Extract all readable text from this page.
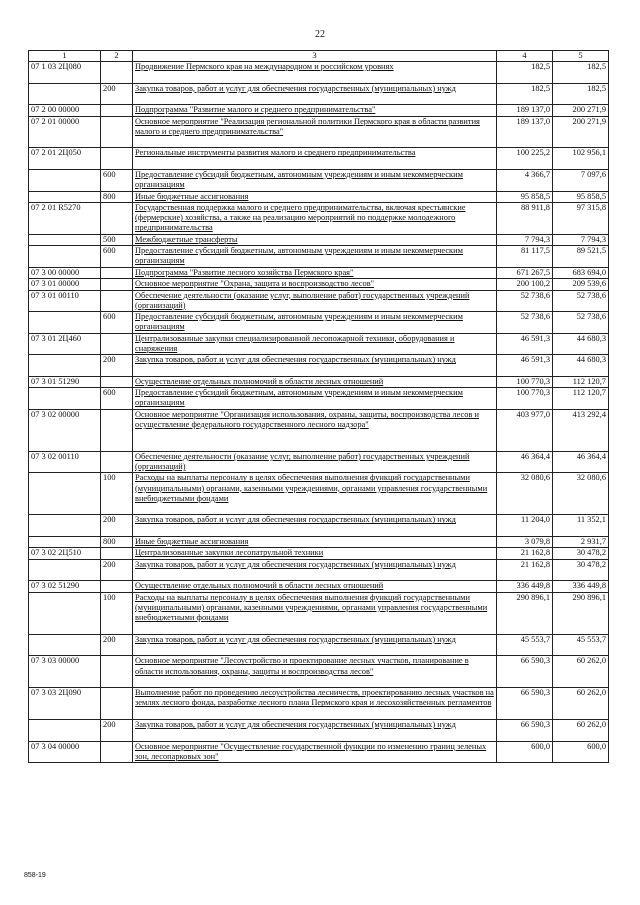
22
1	2	3	4	5
07 1 03 2Ц080		Продвижение Пермского края на международном и российском уровнях	182,5	182,5
	200	Закупка товаров, работ и услуг для обеспечения государственных (муниципальных) нужд	182,5	182,5
07 2 00 00000		Подпрограмма "Развитие малого и среднего предпринимательства"	189 137,0	200 271,9
07 2 01 00000		Основное мероприятие "Реализация региональной политики Пермского края в области развития малого и среднего предпринимательства"	189 137,0	200 271,9
07 2 01 2Ц050		Региональные инструменты развития малого и среднего предпринимательства	100 225,2	102 956,1
	600	Предоставление субсидий бюджетным, автономным учреждениям и иным некоммерческим организациям	4 366,7	7 097,6
	800	Иные бюджетные ассигнования	95 858,5	95 858,5
07 2 01 R5270		Государственная поддержка малого и среднего предпринимательства, включая крестьянские (фермерские) хозяйства, а также на реализацию мероприятий по поддержке молодежного предпринимательства	88 911,8	97 315,8
	500	Межбюджетные трансферты	7 794,3	7 794,3
	600	Предоставление субсидий бюджетным, автономным учреждениям и иным некоммерческим организациям	81 117,5	89 521,5
07 3 00 00000		Подпрограмма "Развитие лесного хозяйства Пермского края"	671 267,5	683 694,0
07 3 01 00000		Основное мероприятие "Охрана, защита и воспроизводство лесов"	200 100,2	209 539,6
07 3 01 00110		Обеспечение деятельности (оказание услуг, выполнение работ) государственных учреждений (организаций)	52 738,6	52 738,6
	600	Предоставление субсидий бюджетным, автономным учреждениям и иным некоммерческим организациям	52 738,6	52 738,6
07 3 01 2Ц460		Централизованные закупки специализированной лесопожарной техники, оборудования и снаряжения	46 591,3	44 680,3
	200	Закупка товаров, работ и услуг для обеспечения государственных (муниципальных) нужд	46 591,3	44 680,3
07 3 01 51290		Осуществление отдельных полномочий в области лесных отношений	100 770,3	112 120,7
	600	Предоставление субсидий бюджетным, автономным учреждениям и иным некоммерческим организациям	100 770,3	112 120,7
07 3 02 00000		Основное мероприятие "Организация использования, охраны, защиты, воспроизводства лесов и осуществление федерального государственного лесного надзора"	403 977,0	413 292,4
07 3 02 00110		Обеспечение деятельности (оказание услуг, выполнение работ) государственных учреждений (организаций)	46 364,4	46 364,4
	100	Расходы на выплаты персоналу в целях обеспечения выполнения функций государственными (муниципальными) органами, казенными учреждениями, органами управления государственными внебюджетными фондами	32 080,6	32 080,6
	200	Закупка товаров, работ и услуг для обеспечения государственных (муниципальных) нужд	11 204,0	11 352,1
	800	Иные бюджетные ассигнования	3 079,8	2 931,7
07 3 02 2Ц510		Централизованные закупки лесопатрульной техники	21 162,8	30 478,2
	200	Закупка товаров, работ и услуг для обеспечения государственных (муниципальных) нужд	21 162,8	30 478,2
07 3 02 51290		Осуществление отдельных полномочий в области лесных отношений	336 449,8	336 449,8
	100	Расходы на выплаты персоналу в целях обеспечения выполнения функций государственными (муниципальными) органами, казенными учреждениями, органами управления государственными внебюджетными фондами	290 896,1	290 896,1
	200	Закупка товаров, работ и услуг для обеспечения государственных (муниципальных) нужд	45 553,7	45 553,7
07 3 03 00000		Основное мероприятие "Лесоустройство и проектирование лесных участков, планирование в области использования, охраны, защиты и воспроизводства лесов"	66 590,3	60 262,0
07 3 03 2Ц090		Выполнение работ по проведению лесоустройства лесничеств, проектированию лесных участков на землях лесного фонда, разработке лесного плана Пермского края и лесохозяйственных регламентов	66 590,3	60 262,0
	200	Закупка товаров, работ и услуг для обеспечения государственных (муниципальных) нужд	66 590,3	60 262,0
07 3 04 00000		Основное мероприятие "Осуществление государственной функции по изменению границ зеленых зон, лесопарковых зон"	600,0	600,0
858-19
